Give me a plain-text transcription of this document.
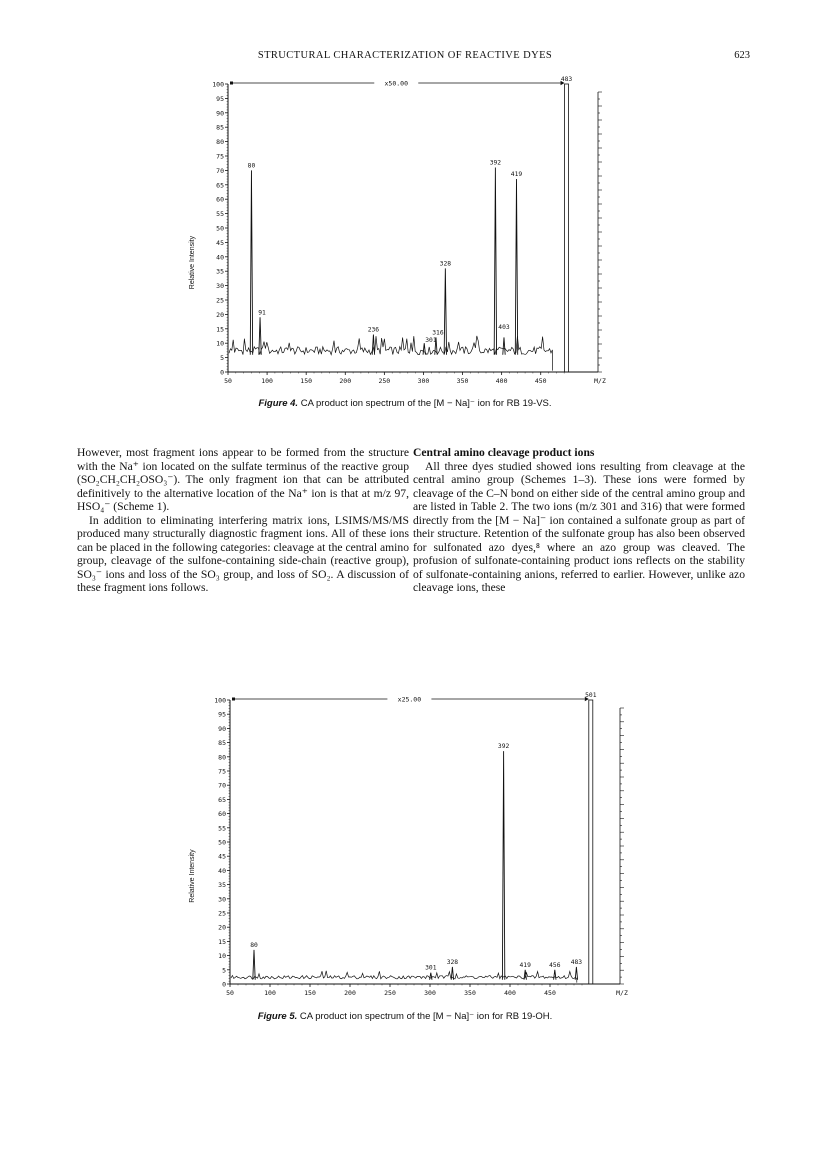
STRUCTURAL CHARACTERIZATION OF REACTIVE DYES	623
0
5
10
15
20
25
30
35
40
45
50
55
60
65
70
75
80
85
90
95
100
50	100	150	200	250	300	350	400	450	M/Z
Relative Intensity
x50.00
80
91
236
301
316
328
392
403
419
483
Figure 4. CA product ion spectrum of the [M − Na]⁻ ion for RB 19-VS.

However, most fragment ions appear to be formed from the structure with the Na⁺ ion located on the sulfate terminus of the reactive group (SO₂CH₂CH₂OSO₃⁻). The only fragment ion that can be attributed definitively to the alternative location of the Na⁺ ion is that at m/z 97, HSO₄⁻ (Scheme 1).

In addition to eliminating interfering matrix ions, LSIMS/MS/MS produced many structurally diagnostic fragment ions. All of these ions can be placed in the following categories: cleavage at the central amino group, cleavage of the sulfone-containing side-chain (reactive group), SO₃⁻ ions and loss of the SO₃ group, and loss of SO₂. A discussion of these fragment ions follows.

Central amino cleavage product ions

All three dyes studied showed ions resulting from cleavage at the central amino group (Schemes 1–3). These ions were formed by cleavage of the C–N bond on either side of the central amino group and are listed in Table 2. The two ions (m/z 301 and 316) that were formed directly from the [M − Na]⁻ ion contained a sulfonate group as part of their structure. Retention of the sulfonate group has also been observed for sulfonated azo dyes,⁸ where an azo group was cleaved. The profusion of sulfonate-containing product ions reflects on the stability of sulfonate-containing anions, referred to earlier. However, unlike azo cleavage ions, these

0
5
10
15
20
25
30
35
40
45
50
55
60
65
70
75
80
85
90
95
100
50	100	150	200	250	300	350	400	450	M/Z
Relative Intensity
x25.00
80
301
328
392
419	456 483
501
Figure 5. CA product ion spectrum of the [M − Na]⁻ ion for RB 19-OH.
